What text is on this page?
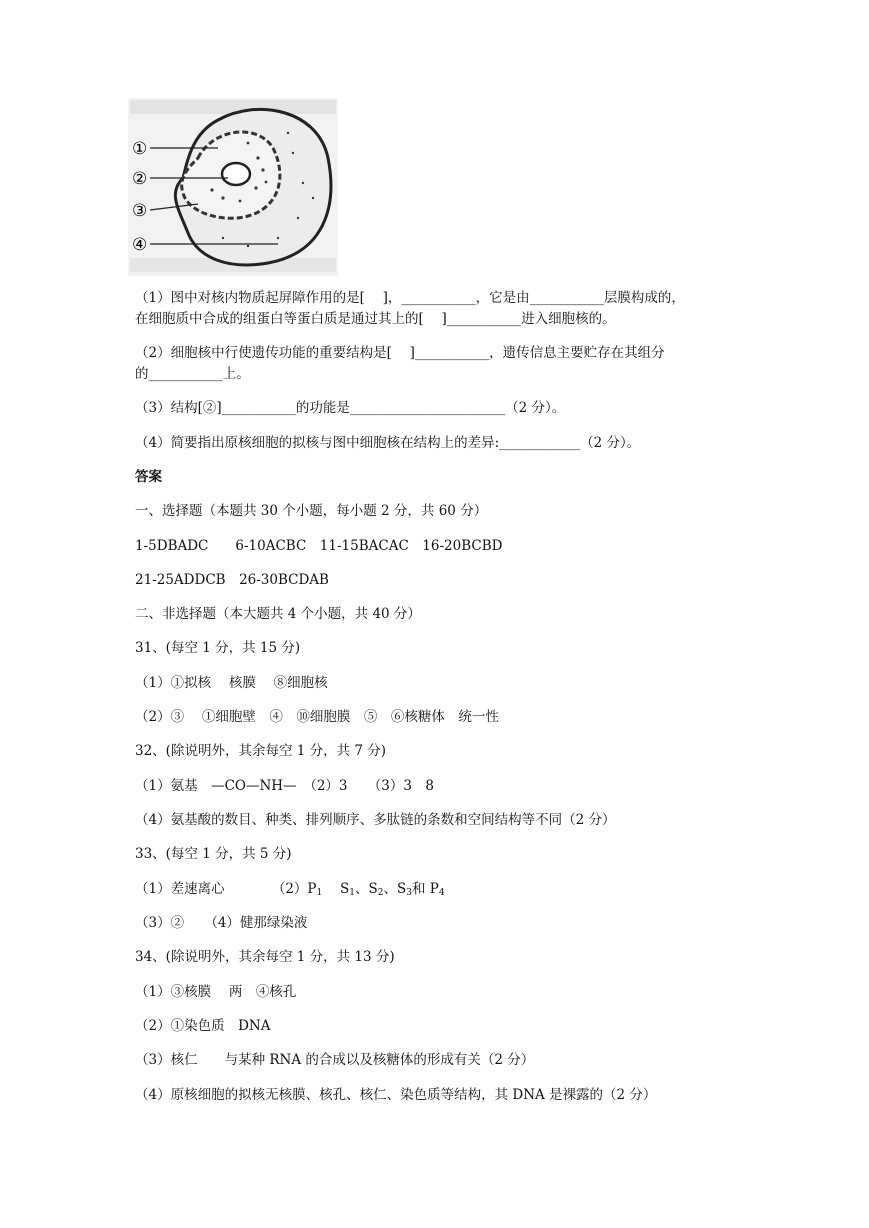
①
②
③
④
（1）图中对核内物质起屏障作用的是[　 ]，___________，它是由___________层膜构成的，
在细胞质中合成的组蛋白等蛋白质是通过其上的[　 ]___________进入细胞核的。
（2）细胞核中行使遗传功能的重要结构是[　 ]___________，遗传信息主要贮存在其组分
的___________上。
（3）结构[②]___________的功能是_______________________（2 分）。
（4）简要指出原核细胞的拟核与图中细胞核在结构上的差异:____________（2 分）。
答案
一、选择题（本题共 30 个小题，每小题 2 分，共 60 分）
1-5DBADC　　6-10ACBC　11-15BACAC　16-20BCBD
21-25ADDCB　26-30BCDAB
二、非选择题（本大题共 4 个小题，共 40 分）
31、(每空 1 分，共 15 分)
（1）①拟核　 核膜　 ⑧细胞核
（2）③　 ①细胞壁　④　⑩细胞膜　⑤　⑥核糖体　统一性
32、(除说明外，其余每空 1 分，共 7 分)
（1）氨基　—CO—NH—　（2）3　　（3）3　8
（4）氨基酸的数目、种类、排列顺序、多肽链的条数和空间结构等不同（2 分）
33、(每空 1 分，共 5 分)
（1）差速离心　　　　$(2)P_1$　 $S_1$、$S_2$、$S_3$和 $P_4$
（3）②　　（4）健那绿染液
34、(除说明外，其余每空 1 分，共 13 分)
（1）③核膜　 两　④核孔
（2）①染色质　DNA
（3）核仁　　与某种 RNA 的合成以及核糖体的形成有关（2 分）
（4）原核细胞的拟核无核膜、核孔、核仁、染色质等结构，其 DNA 是裸露的（2 分）
